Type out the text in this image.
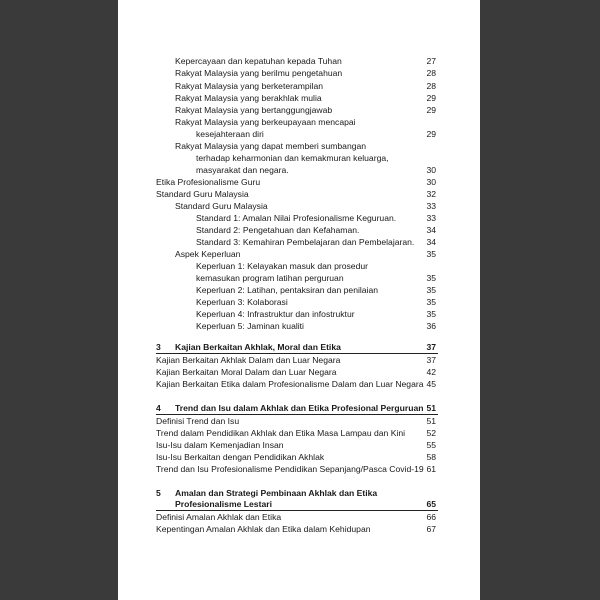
Kepercayaan dan kepatuhan kepada Tuhan	27
Rakyat Malaysia yang berilmu pengetahuan	28
Rakyat Malaysia yang berketerampilan	28
Rakyat Malaysia yang berakhlak mulia	29
Rakyat Malaysia yang bertanggungjawab	29
Rakyat Malaysia yang berkeupayaan mencapai
kesejahteraan diri	29
Rakyat Malaysia yang dapat memberi sumbangan
terhadap keharmonian dan kemakmuran keluarga,
masyarakat dan negara.	30
Etika Profesionalisme Guru	30
Standard Guru Malaysia	32
Standard Guru Malaysia	33
Standard 1: Amalan Nilai Profesionalisme Keguruan.	33
Standard 2: Pengetahuan dan Kefahaman.	34
Standard 3: Kemahiran Pembelajaran dan Pembelajaran. 34
Aspek Keperluan	35
Keperluan 1: Kelayakan masuk dan prosedur
kemasukan program latihan perguruan	35
Keperluan 2: Latihan, pentaksiran dan penilaian	35
Keperluan 3: Kolaborasi	35
Keperluan 4: Infrastruktur dan infostruktur	35
Keperluan 5: Jaminan kualiti	36
3 Kajian Berkaitan Akhlak, Moral dan Etika	37
Kajian Berkaitan Akhlak Dalam dan Luar Negara	37
Kajian Berkaitan Moral Dalam dan Luar Negara	42
Kajian Berkaitan Etika dalam Profesionalisme Dalam dan Luar Negara 45
4 Trend dan Isu dalam Akhlak dan Etika Profesional Perguruan 51
Definisi Trend dan Isu	51
Trend dalam Pendidikan Akhlak dan Etika Masa Lampau dan Kini 52
Isu-Isu dalam Kemenjadian Insan	55
Isu-Isu Berkaitan dengan Pendidikan Akhlak	58
Trend dan Isu Profesionalisme Pendidikan Sepanjang/Pasca Covid-19 61
5 Amalan dan Strategi Pembinaan Akhlak dan Etika
Profesionalisme Lestari	65
Definisi Amalan Akhlak dan Etika	66
Kepentingan Amalan Akhlak dan Etika dalam Kehidupan	67
